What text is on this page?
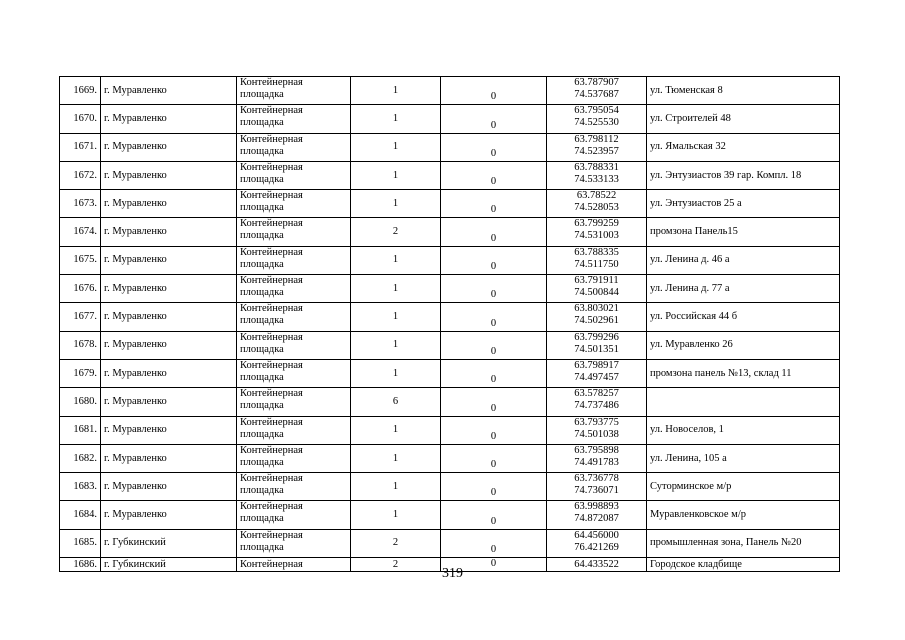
1669.	г. Муравленко	Контейнерная
площадка	1	0	63.787907
74.537687	ул. Тюменская 8
1670.	г. Муравленко	Контейнерная
площадка	1	0	63.795054
74.525530	ул. Строителей 48
1671.	г. Муравленко	Контейнерная
площадка	1	0	63.798112
74.523957	ул. Ямальская 32
1672.	г. Муравленко	Контейнерная
площадка	1	0	63.788331
74.533133	ул. Энтузиастов 39 гар. Компл. 18
1673.	г. Муравленко	Контейнерная
площадка	1	0	63.78522
74.528053	ул. Энтузиастов 25 а
1674.	г. Муравленко	Контейнерная
площадка	2	0	63.799259
74.531003	промзона Панель15
1675.	г. Муравленко	Контейнерная
площадка	1	0	63.788335
74.511750	ул. Ленина д. 46 а
1676.	г. Муравленко	Контейнерная
площадка	1	0	63.791911
74.500844	ул. Ленина д. 77 а
1677.	г. Муравленко	Контейнерная
площадка	1	0	63.803021
74.502961	ул. Российская 44 б
1678.	г. Муравленко	Контейнерная
площадка	1	0	63.799296
74.501351	ул. Муравленко 26
1679.	г. Муравленко	Контейнерная
площадка	1	0	63.798917
74.497457	промзона панель №13, склад 11
1680.	г. Муравленко	Контейнерная
площадка	6	0	63.578257
74.737486	

1681.	г. Муравленко	Контейнерная
площадка	1	0	63.793775
74.501038	ул. Новоселов, 1
1682.	г. Муравленко	Контейнерная
площадка	1	0	63.795898
74.491783	ул. Ленина, 105 а
1683.	г. Муравленко	Контейнерная
площадка	1	0	63.736778
74.736071	Суторминское м/р
1684.	г. Муравленко	Контейнерная
площадка	1	0	63.998893
74.872087	Муравленковское м/р
1685.	г. Губкинский	Контейнерная
площадка	2	0	64.456000
76.421269	промышленная зона, Панель №20
1686.	г. Губкинский	Контейнерная	2	0	64.433522	Городское кладбище
319
